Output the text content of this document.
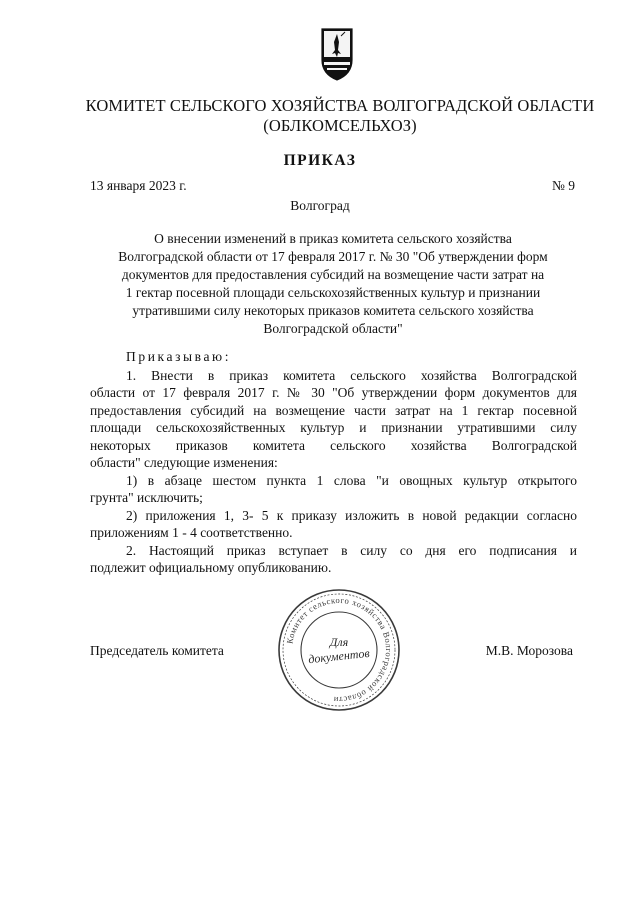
КОМИТЕТ СЕЛЬСКОГО ХОЗЯЙСТВА ВОЛГОГРАДСКОЙ ОБЛАСТИ
(ОБЛКОМСЕЛЬХОЗ)
ПРИКАЗ
13 января 2023 г.	№ 9
Волгоград
О внесении изменений в приказ комитета сельского хозяйства
Волгоградской области от 17 февраля 2017 г. № 30 "Об утверждении форм
документов для предоставления субсидий на возмещение части затрат на
1 гектар посевной площади сельскохозяйственных культур и признании
утратившими силу некоторых приказов комитета сельского хозяйства
Волгоградской области"
Приказываю:
1. Внести в приказ комитета сельского хозяйства Волгоградской
области от 17 февраля 2017 г. № 30 "Об утверждении форм документов для
предоставления субсидий на возмещение части затрат на 1 гектар посевной
площади сельскохозяйственных культур и признании утратившими силу
некоторых приказов комитета сельского хозяйства Волгоградской
области" следующие изменения:
1) в абзаце шестом пункта 1 слова "и овощных культур открытого
грунта" исключить;
2) приложения 1, 3- 5 к приказу изложить в новой редакции согласно
приложениям 1 - 4 соответственно.
2. Настоящий приказ вступает в силу со дня его подписания и
подлежит официальному опубликованию.
Председатель комитета	М.В. Морозова
Комитет сельского хозяйства Волгоградской области
Для
документов
